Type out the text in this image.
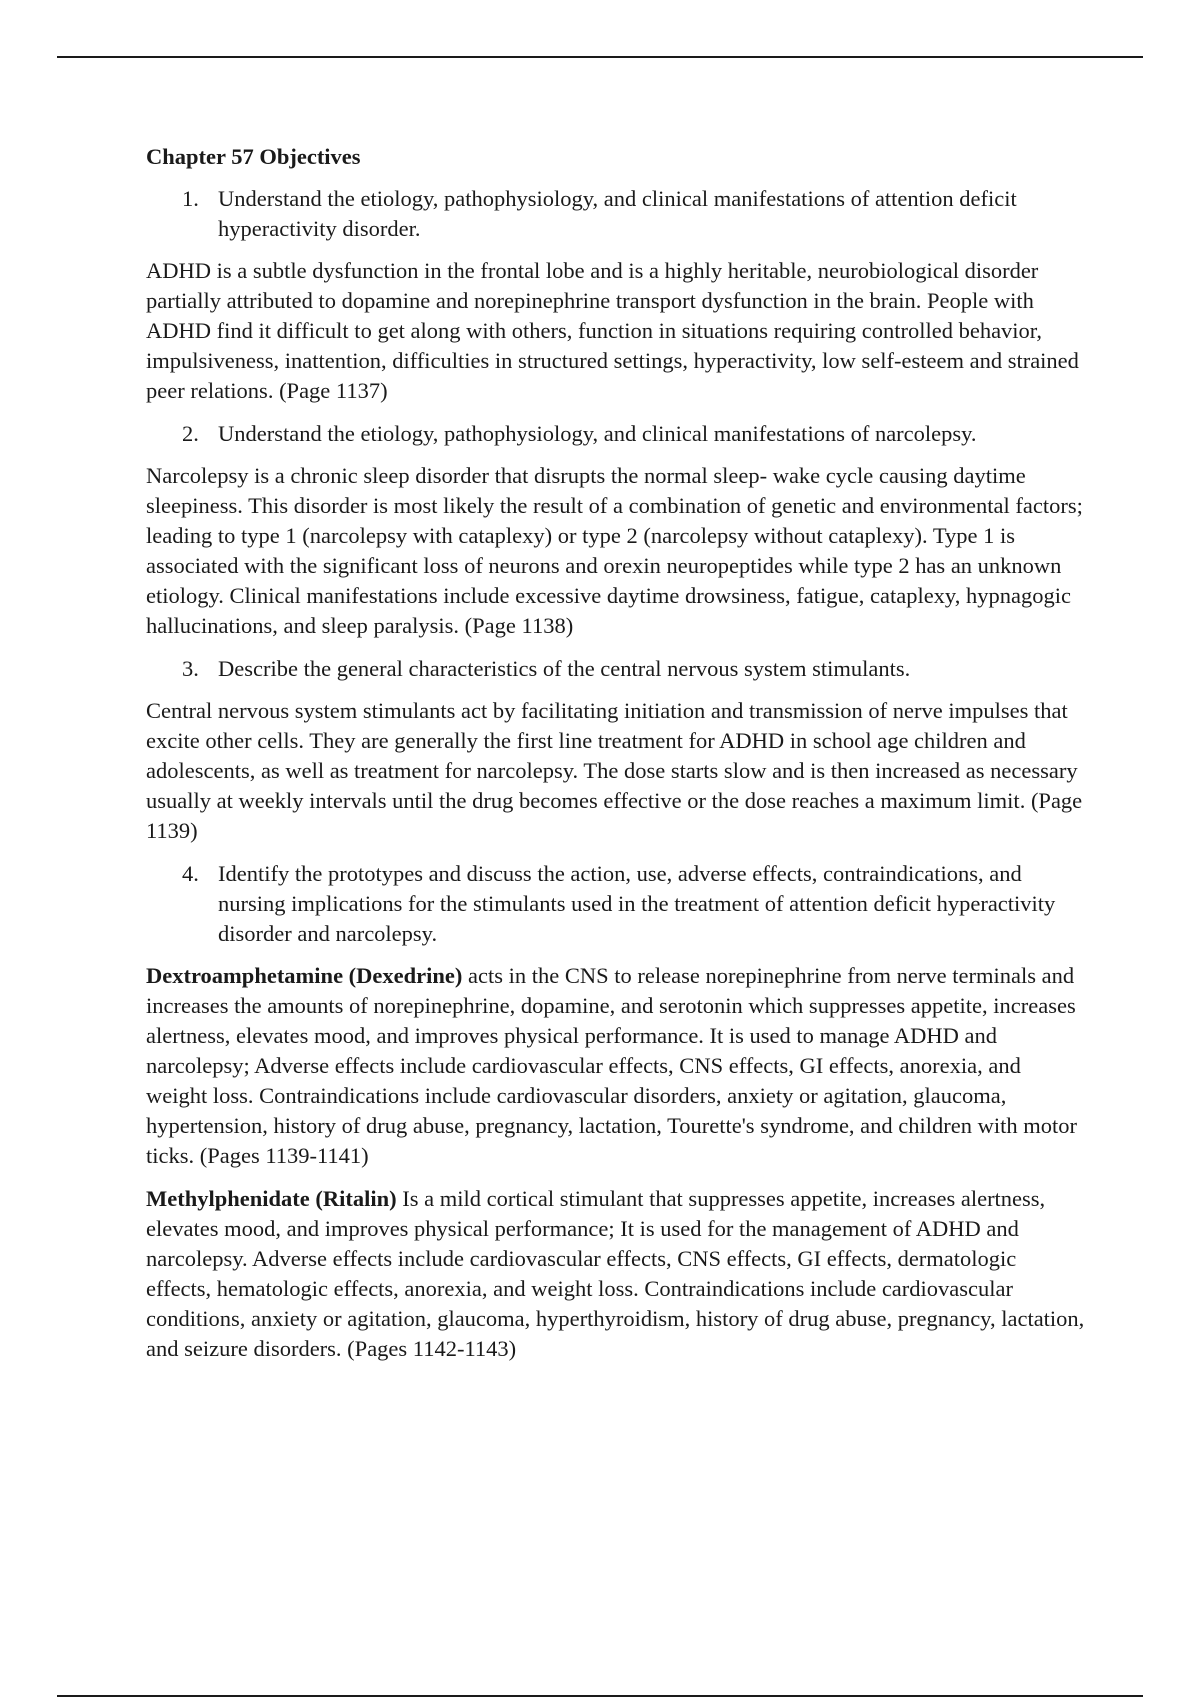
Chapter 57 Objectives
1. Understand the etiology, pathophysiology, and clinical manifestations of attention deficit hyperactivity disorder.

ADHD is a subtle dysfunction in the frontal lobe and is a highly heritable, neurobiological disorder partially attributed to dopamine and norepinephrine transport dysfunction in the brain. People with ADHD find it difficult to get along with others, function in situations requiring controlled behavior, impulsiveness, inattention, difficulties in structured settings, hyperactivity, low self-esteem and strained peer relations. (Page 1137)

2. Understand the etiology, pathophysiology, and clinical manifestations of narcolepsy.

Narcolepsy is a chronic sleep disorder that disrupts the normal sleep- wake cycle causing daytime sleepiness. This disorder is most likely the result of a combination of genetic and environmental factors; leading to type 1 (narcolepsy with cataplexy) or type 2 (narcolepsy without cataplexy). Type 1 is associated with the significant loss of neurons and orexin neuropeptides while type 2 has an unknown etiology. Clinical manifestations include excessive daytime drowsiness, fatigue, cataplexy, hypnagogic hallucinations, and sleep paralysis. (Page 1138)

3. Describe the general characteristics of the central nervous system stimulants.

Central nervous system stimulants act by facilitating initiation and transmission of nerve impulses that excite other cells. They are generally the first line treatment for ADHD in school age children and adolescents, as well as treatment for narcolepsy. The dose starts slow and is then increased as necessary usually at weekly intervals until the drug becomes effective or the dose reaches a maximum limit. (Page 1139)

4. Identify the prototypes and discuss the action, use, adverse effects, contraindications, and nursing implications for the stimulants used in the treatment of attention deficit hyperactivity disorder and narcolepsy.

Dextroamphetamine (Dexedrine) acts in the CNS to release norepinephrine from nerve terminals and increases the amounts of norepinephrine, dopamine, and serotonin which suppresses appetite, increases alertness, elevates mood, and improves physical performance. It is used to manage ADHD and narcolepsy; Adverse effects include cardiovascular effects, CNS effects, GI effects, anorexia, and weight loss. Contraindications include cardiovascular disorders, anxiety or agitation, glaucoma, hypertension, history of drug abuse, pregnancy, lactation, Tourette's syndrome, and children with motor ticks. (Pages 1139-1141)

Methylphenidate (Ritalin) Is a mild cortical stimulant that suppresses appetite, increases alertness, elevates mood, and improves physical performance; It is used for the management of ADHD and narcolepsy. Adverse effects include cardiovascular effects, CNS effects, GI effects, dermatologic effects, hematologic effects, anorexia, and weight loss. Contraindications include cardiovascular conditions, anxiety or agitation, glaucoma, hyperthyroidism, history of drug abuse, pregnancy, lactation, and seizure disorders. (Pages 1142-1143)
